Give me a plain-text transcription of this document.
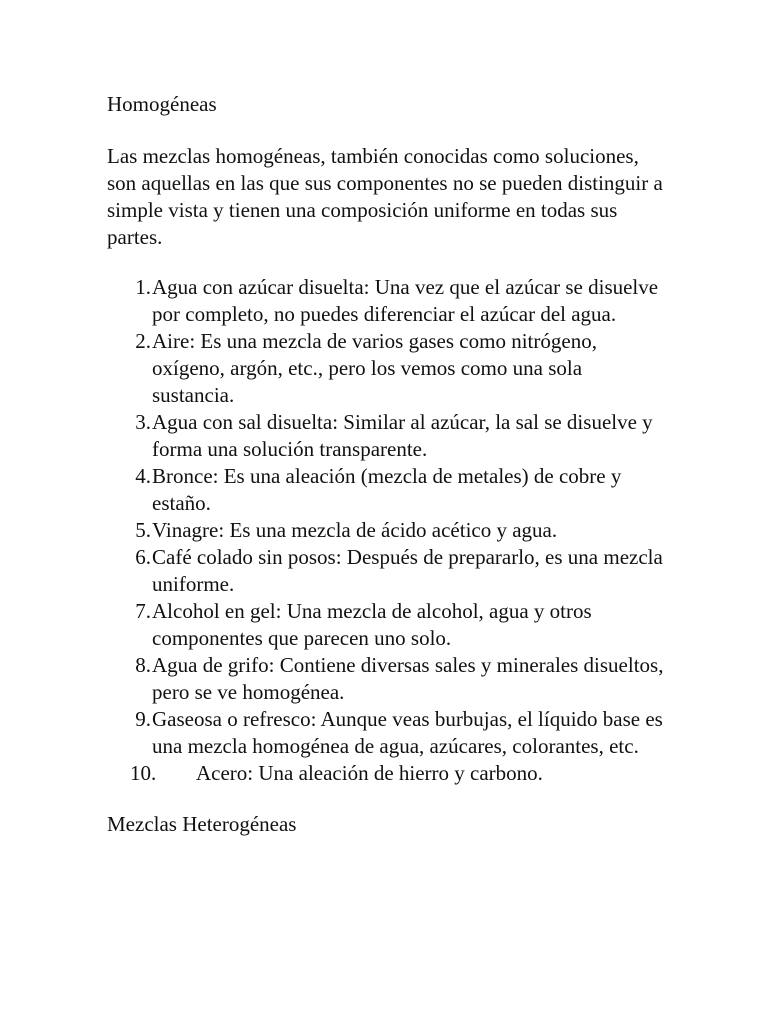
Homogéneas

Las mezclas homogéneas, también conocidas como soluciones, son aquellas en las que sus componentes no se pueden distinguir a simple vista y tienen una composición uniforme en todas sus partes.

1. Agua con azúcar disuelta: Una vez que el azúcar se disuelve por completo, no puedes diferenciar el azúcar del agua.
2. Aire: Es una mezcla de varios gases como nitrógeno, oxígeno, argón, etc., pero los vemos como una sola sustancia.
3. Agua con sal disuelta: Similar al azúcar, la sal se disuelve y forma una solución transparente.
4. Bronce: Es una aleación (mezcla de metales) de cobre y estaño.
5. Vinagre: Es una mezcla de ácido acético y agua.
6. Café colado sin posos: Después de prepararlo, es una mezcla uniforme.
7. Alcohol en gel: Una mezcla de alcohol, agua y otros componentes que parecen uno solo.
8. Agua de grifo: Contiene diversas sales y minerales disueltos, pero se ve homogénea.
9. Gaseosa o refresco: Aunque veas burbujas, el líquido base es una mezcla homogénea de agua, azúcares, colorantes, etc.
10.	Acero: Una aleación de hierro y carbono.
Mezclas Heterogéneas
